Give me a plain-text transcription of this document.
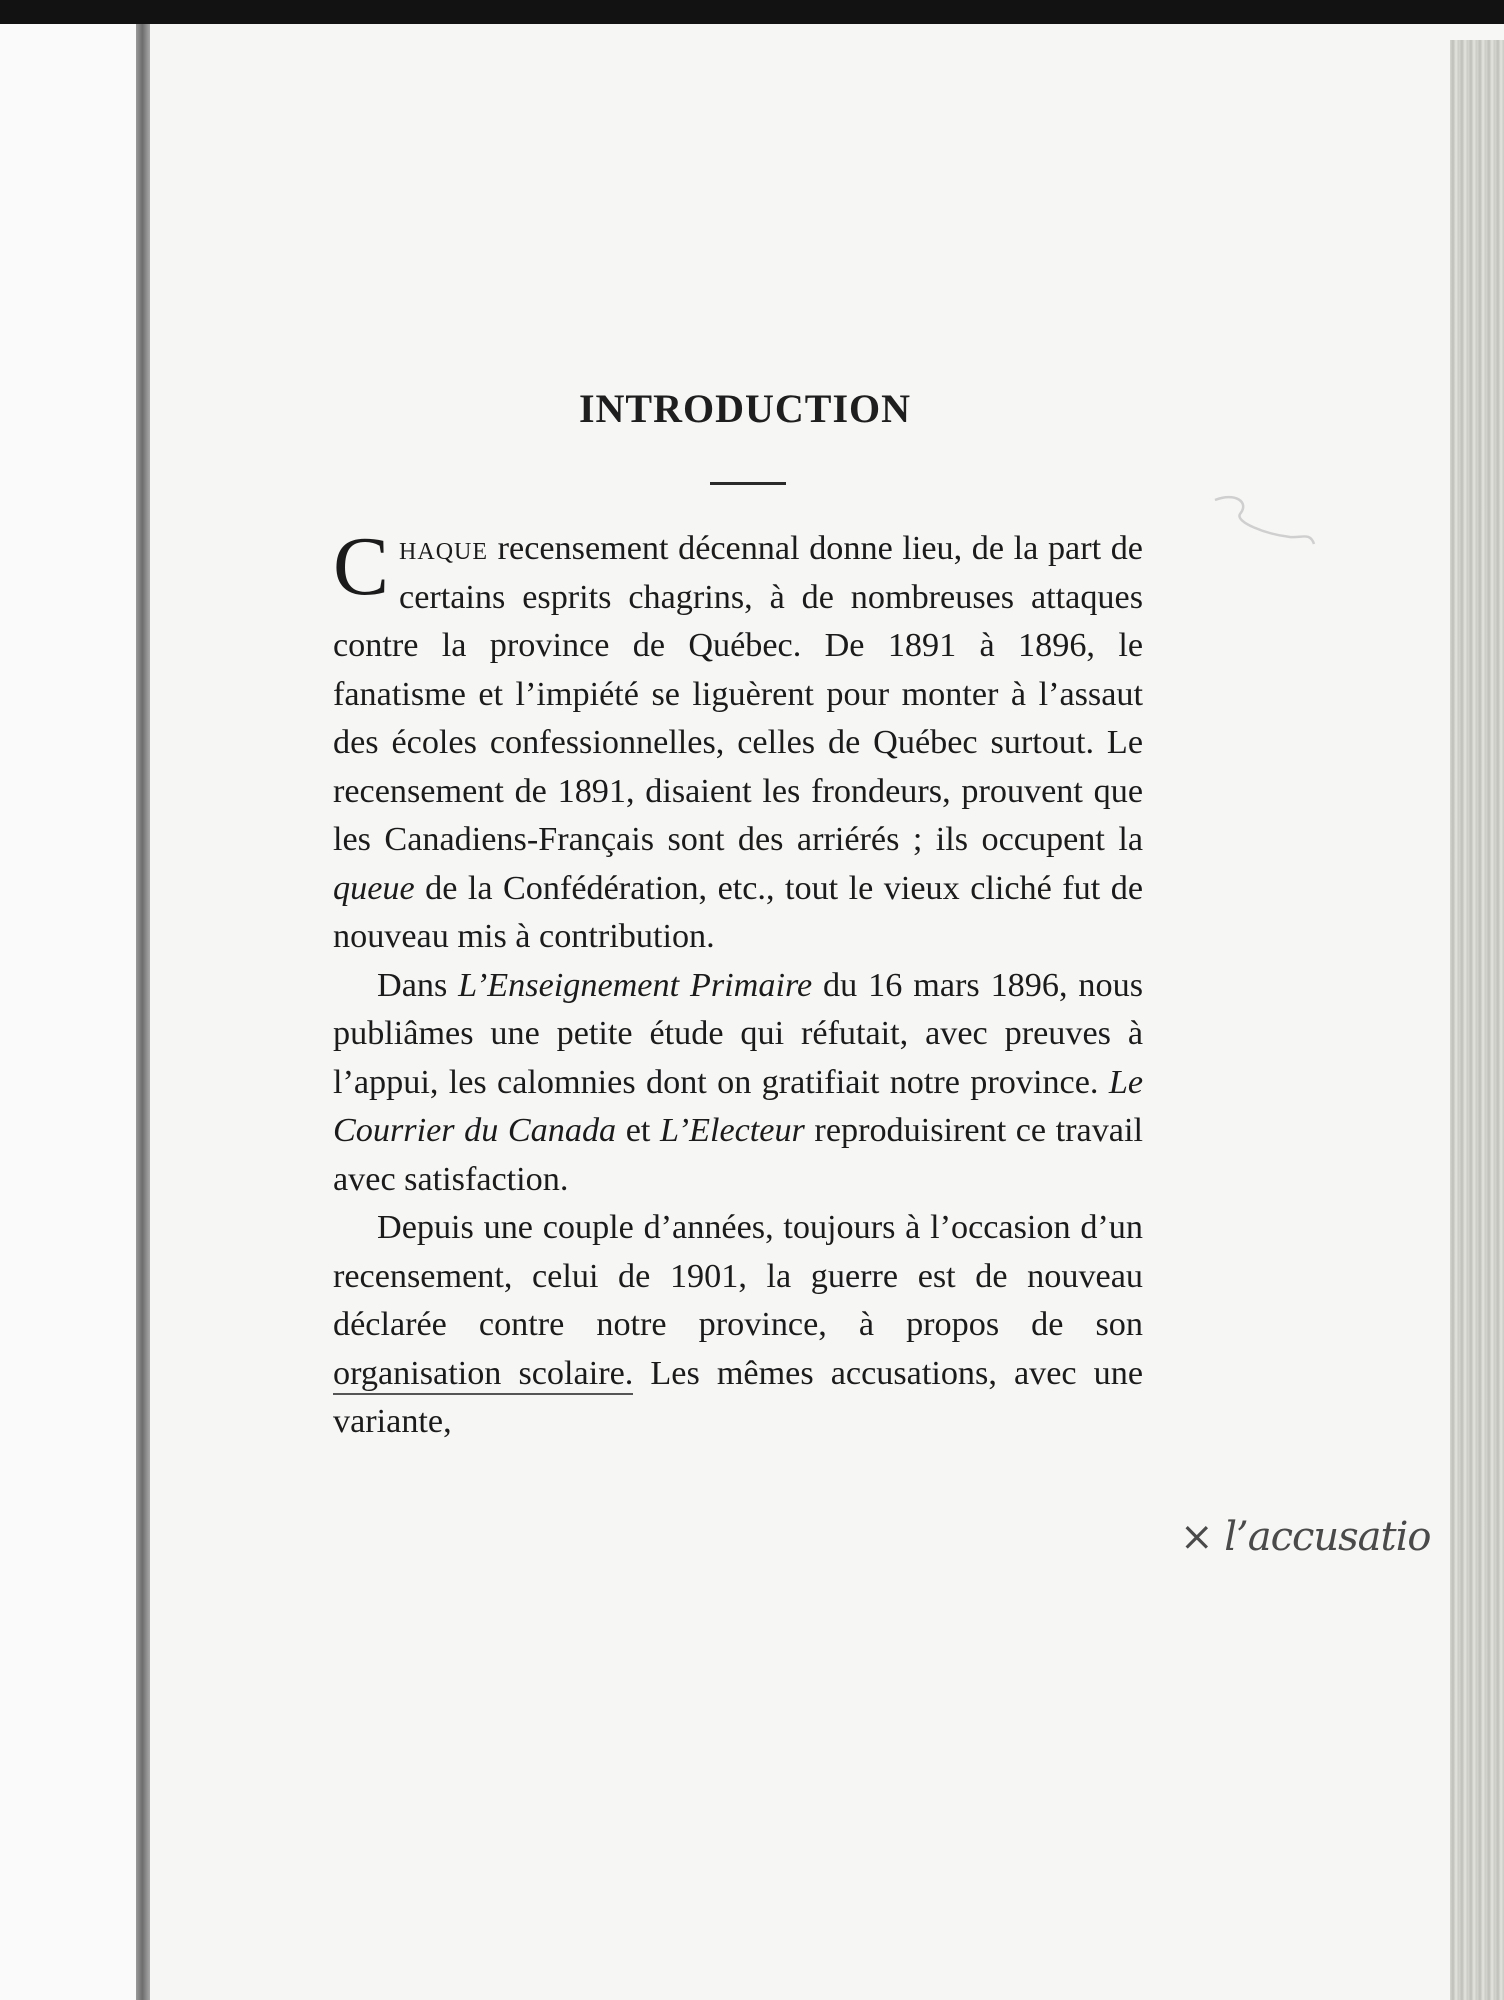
INTRODUCTION

Chaque recensement décennal donne lieu, de la part de certains esprits chagrins, à de nombreuses attaques contre la province de Québec. De 1891 à 1896, le fanatisme et l’impiété se liguèrent pour monter à l’assaut des écoles confessionnelles, celles de Québec surtout. Le recensement de 1891, disaient les frondeurs, prouvent que les Canadiens-Français sont des arriérés ; ils occupent la queue de la Confédération, etc., tout le vieux cliché fut de nouveau mis à contribution.

Dans L’Enseignement Primaire du 16 mars 1896, nous publiâmes une petite étude qui réfutait, avec preuves à l’appui, les calomnies dont on gratifiait notre province. Le Courrier du Canada et L’Electeur reproduisirent ce travail avec satisfaction.

Depuis une couple d’années, toujours à l’occasion d’un recensement, celui de 1901, la guerre est de nouveau déclarée contre notre province, à propos de son organisation scolaire. Les mêmes accusations, avec une variante,

× l’accusatio
